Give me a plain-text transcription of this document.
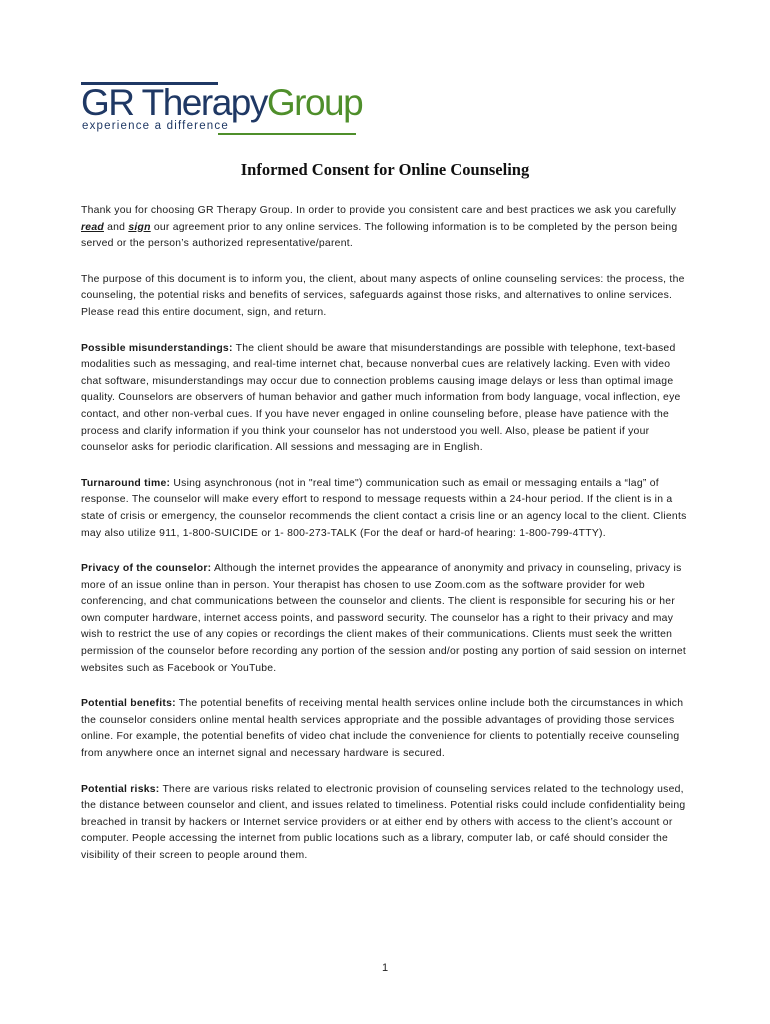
GR TherapyGroup
experience a difference
Informed Consent for Online Counseling

Thank you for choosing GR Therapy Group. In order to provide you consistent care and best practices we ask you carefully read and sign our agreement prior to any online services. The following information is to be completed by the person being served or the person’s authorized representative/parent.

The purpose of this document is to inform you, the client, about many aspects of online counseling services: the process, the counseling, the potential risks and benefits of services, safeguards against those risks, and alternatives to online services. Please read this entire document, sign, and return.

Possible misunderstandings: The client should be aware that misunderstandings are possible with telephone, text-based modalities such as messaging, and real-time internet chat, because nonverbal cues are relatively lacking. Even with video chat software, misunderstandings may occur due to connection problems causing image delays or less than optimal image quality. Counselors are observers of human behavior and gather much information from body language, vocal inflection, eye contact, and other non-verbal cues. If you have never engaged in online counseling before, please have patience with the process and clarify information if you think your counselor has not understood you well. Also, please be patient if your counselor asks for periodic clarification. All sessions and messaging are in English.

Turnaround time: Using asynchronous (not in "real time") communication such as email or messaging entails a “lag” of response. The counselor will make every effort to respond to message requests within a 24-hour period. If the client is in a state of crisis or emergency, the counselor recommends the client contact a crisis line or an agency local to the client. Clients may also utilize 911, 1-800-SUICIDE or 1- 800-273-TALK (For the deaf or hard-of hearing: 1-800-799-4TTY).

Privacy of the counselor: Although the internet provides the appearance of anonymity and privacy in counseling, privacy is more of an issue online than in person. Your therapist has chosen to use Zoom.com as the software provider for web conferencing, and chat communications between the counselor and clients. The client is responsible for securing his or her own computer hardware, internet access points, and password security. The counselor has a right to their privacy and may wish to restrict the use of any copies or recordings the client makes of their communications. Clients must seek the written permission of the counselor before recording any portion of the session and/or posting any portion of said session on internet websites such as Facebook or YouTube.

Potential benefits: The potential benefits of receiving mental health services online include both the circumstances in which the counselor considers online mental health services appropriate and the possible advantages of providing those services online. For example, the potential benefits of video chat include the convenience for clients to potentially receive counseling from anywhere once an internet signal and necessary hardware is secured.

Potential risks: There are various risks related to electronic provision of counseling services related to the technology used, the distance between counselor and client, and issues related to timeliness. Potential risks could include confidentiality being breached in transit by hackers or Internet service providers or at either end by others with access to the client’s account or computer. People accessing the internet from public locations such as a library, computer lab, or café should consider the visibility of their screen to people around them.

1
